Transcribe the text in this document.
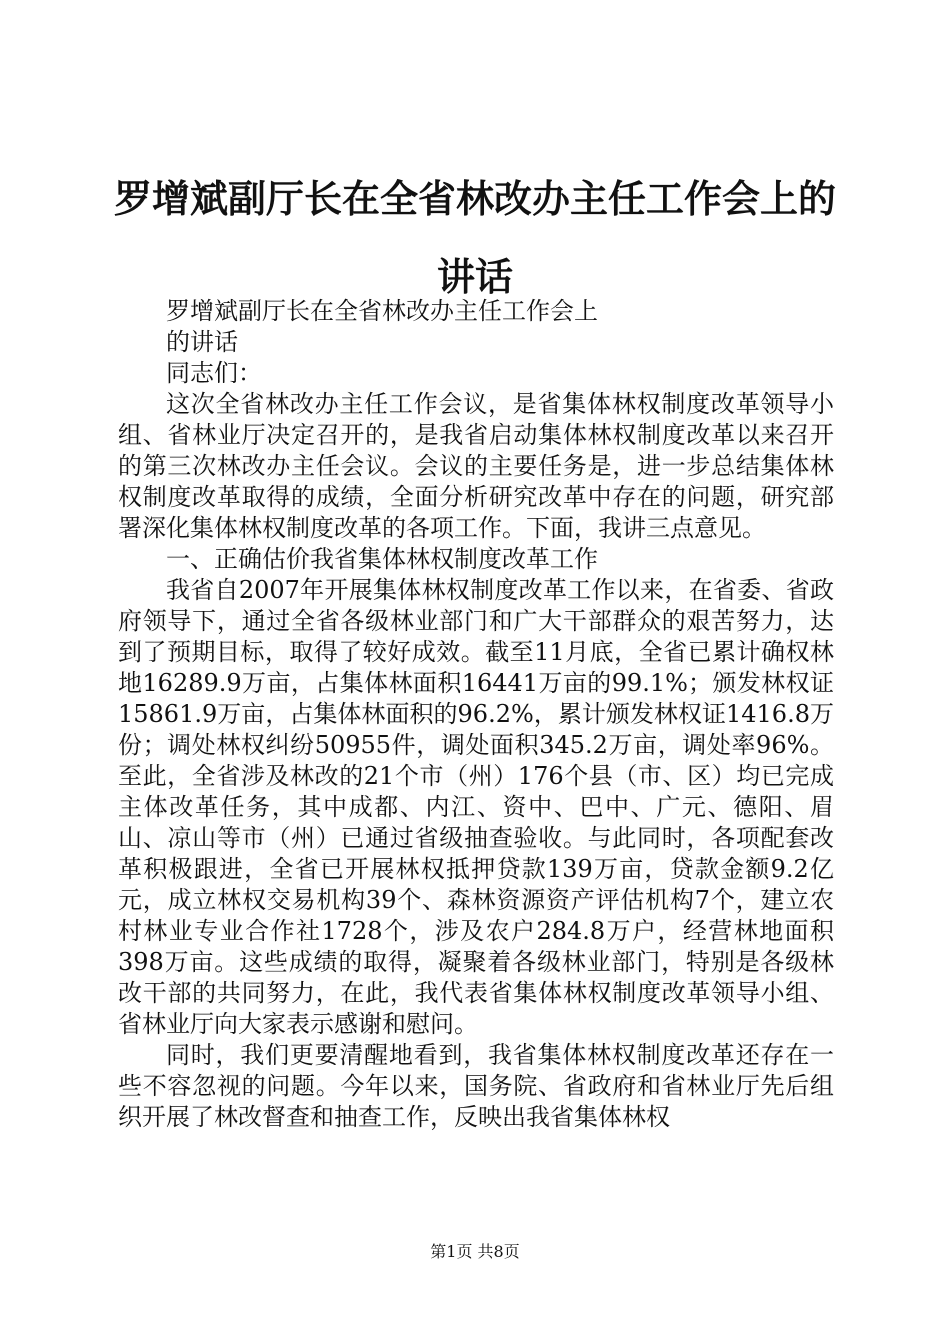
罗增斌副厅长在全省林改办主任工作会上的讲话

罗增斌副厅长在全省林改办主任工作会上

的讲话

同志们：

这次全省林改办主任工作会议，是省集体林权制度改革领导小组、省林业厅决定召开的，是我省启动集体林权制度改革以来召开的第三次林改办主任会议。会议的主要任务是，进一步总结集体林权制度改革取得的成绩，全面分析研究改革中存在的问题，研究部署深化集体林权制度改革的各项工作。下面，我讲三点意见。

一、正确估价我省集体林权制度改革工作

我省自2007年开展集体林权制度改革工作以来，在省委、省政府领导下，通过全省各级林业部门和广大干部群众的艰苦努力，达到了预期目标，取得了较好成效。截至11月底，全省已累计确权林地16289.9万亩，占集体林面积16441万亩的99.1%；颁发林权证15861.9万亩，占集体林面积的96.2%，累计颁发林权证1416.8万份；调处林权纠纷50955件，调处面积345.2万亩，调处率96%。至此，全省涉及林改的21个市（州）176个县（市、区）均已完成主体改革任务，其中成都、内江、资中、巴中、广元、德阳、眉山、凉山等市（州）已通过省级抽查验收。与此同时，各项配套改革积极跟进，全省已开展林权抵押贷款139万亩，贷款金额9.2亿元，成立林权交易机构39个、森林资源资产评估机构7个，建立农村林业专业合作社1728个，涉及农户284.8万户，经营林地面积398万亩。这些成绩的取得，凝聚着各级林业部门，特别是各级林改干部的共同努力，在此，我代表省集体林权制度改革领导小组、省林业厅向大家表示感谢和慰问。

同时，我们更要清醒地看到，我省集体林权制度改革还存在一些不容忽视的问题。今年以来，国务院、省政府和省林业厅先后组织开展了林改督查和抽查工作，反映出我省集体林权

第1页 共8页
